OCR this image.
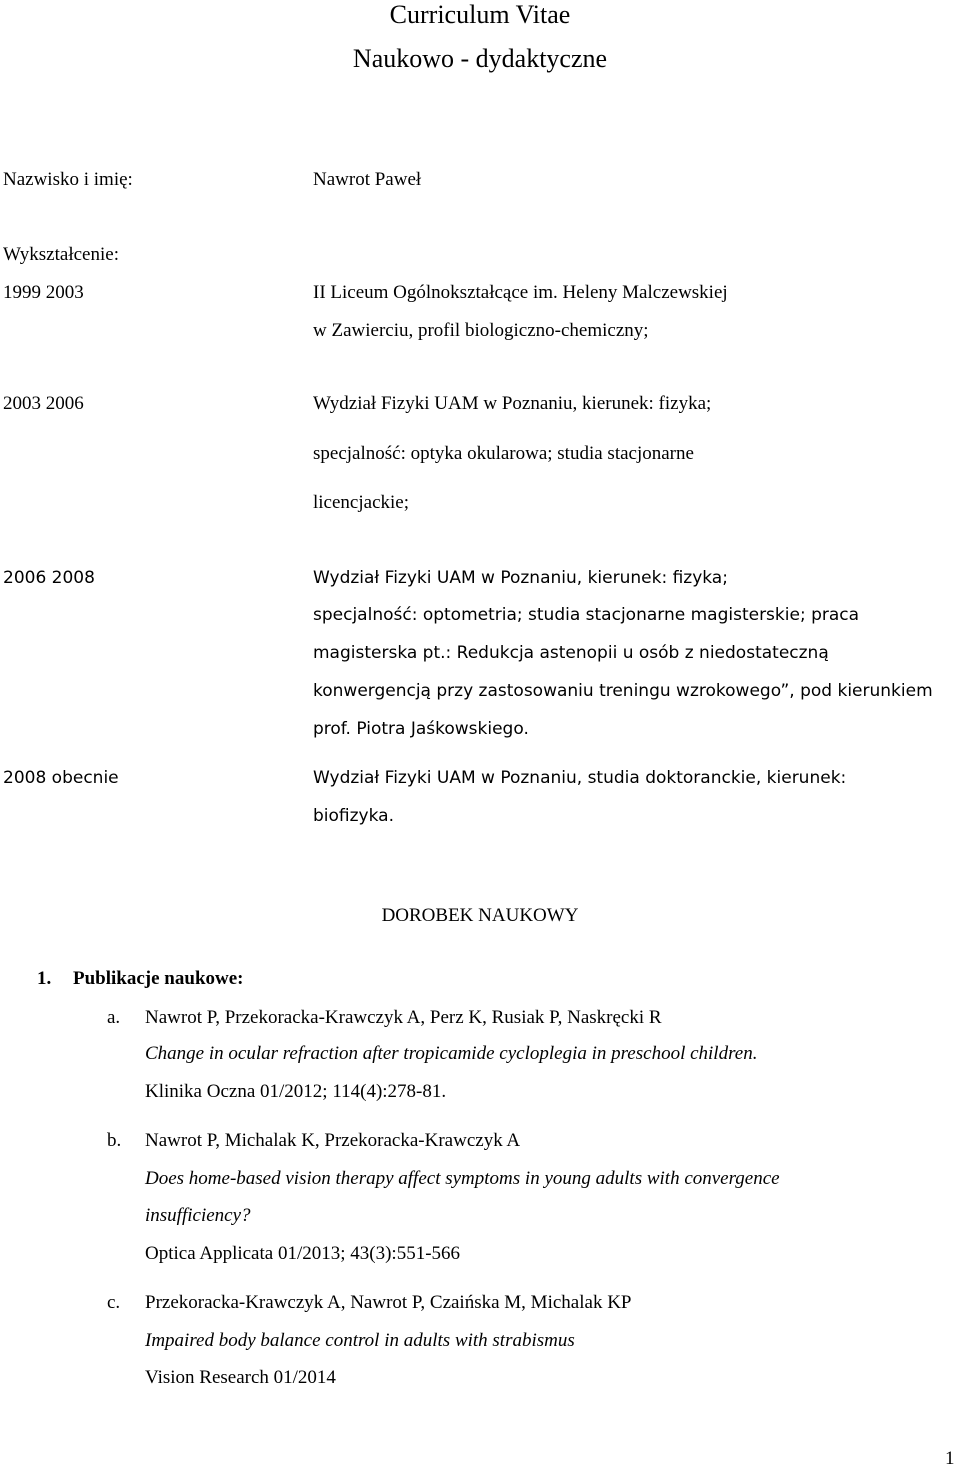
Curriculum Vitae
Naukowo - dydaktyczne
Nazwisko i imię:	Nawrot Paweł
Wykształcenie:
1999 2003	II Liceum Ogólnokształcące im. Heleny Malczewskiej
w Zawierciu, profil biologiczno-chemiczny;
2003 2006	Wydział Fizyki UAM w Poznaniu, kierunek: fizyka;
specjalność: optyka okularowa; studia stacjonarne
licencjackie;
2006 2008	Wydział Fizyki UAM w Poznaniu, kierunek: fizyka;
specjalność: optometria; studia stacjonarne magisterskie; praca
magisterska pt.: Redukcja astenopii u osób z niedostateczną
konwergencją przy zastosowaniu treningu wzrokowego”, pod kierunkiem
prof. Piotra Jaśkowskiego.
2008 obecnie	Wydział Fizyki UAM w Poznaniu, studia doktoranckie, kierunek:
biofizyka.
DOROBEK NAUKOWY
1. Publikacje naukowe:
a. Nawrot P, Przekoracka-Krawczyk A, Perz K, Rusiak P, Naskręcki R
Change in ocular refraction after tropicamide cycloplegia in preschool children.
Klinika Oczna 01/2012; 114(4):278-81.
b. Nawrot P, Michalak K, Przekoracka-Krawczyk A
Does home-based vision therapy affect symptoms in young adults with convergence
insufficiency?
Optica Applicata 01/2013; 43(3):551-566
c. Przekoracka-Krawczyk A, Nawrot P, Czaińska M, Michalak KP
Impaired body balance control in adults with strabismus
Vision Research 01/2014
1
